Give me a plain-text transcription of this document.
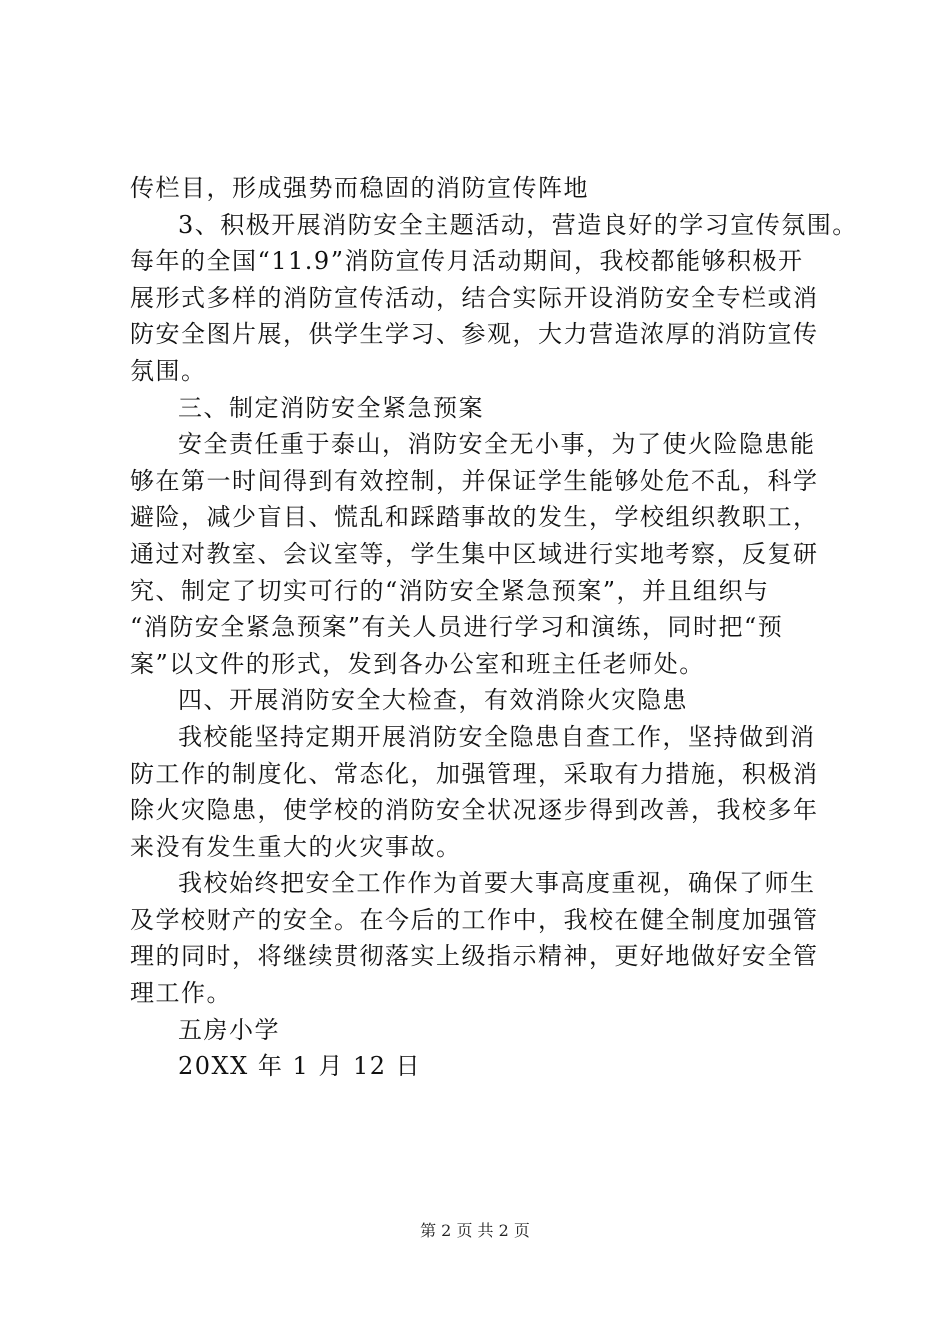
传栏目，形成强势而稳固的消防宣传阵地
3、积极开展消防安全主题活动，营造良好的学习宣传氛围。
每年的全国“11.9”消防宣传月活动期间，我校都能够积极开
展形式多样的消防宣传活动，结合实际开设消防安全专栏或消
防安全图片展，供学生学习、参观，大力营造浓厚的消防宣传
氛围。
三、制定消防安全紧急预案
安全责任重于泰山，消防安全无小事，为了使火险隐患能
够在第一时间得到有效控制，并保证学生能够处危不乱，科学
避险，减少盲目、慌乱和踩踏事故的发生，学校组织教职工，
通过对教室、会议室等，学生集中区域进行实地考察，反复研
究、制定了切实可行的“消防安全紧急预案”，并且组织与
“消防安全紧急预案”有关人员进行学习和演练，同时把“预
案”以文件的形式，发到各办公室和班主任老师处。
四、开展消防安全大检查，有效消除火灾隐患
我校能坚持定期开展消防安全隐患自查工作，坚持做到消
防工作的制度化、常态化，加强管理，采取有力措施，积极消
除火灾隐患，使学校的消防安全状况逐步得到改善，我校多年
来没有发生重大的火灾事故。
我校始终把安全工作作为首要大事高度重视，确保了师生
及学校财产的安全。在今后的工作中，我校在健全制度加强管
理的同时，将继续贯彻落实上级指示精神，更好地做好安全管
理工作。
五房小学
20XX 年 1 月 12 日
第 2 页 共 2 页
